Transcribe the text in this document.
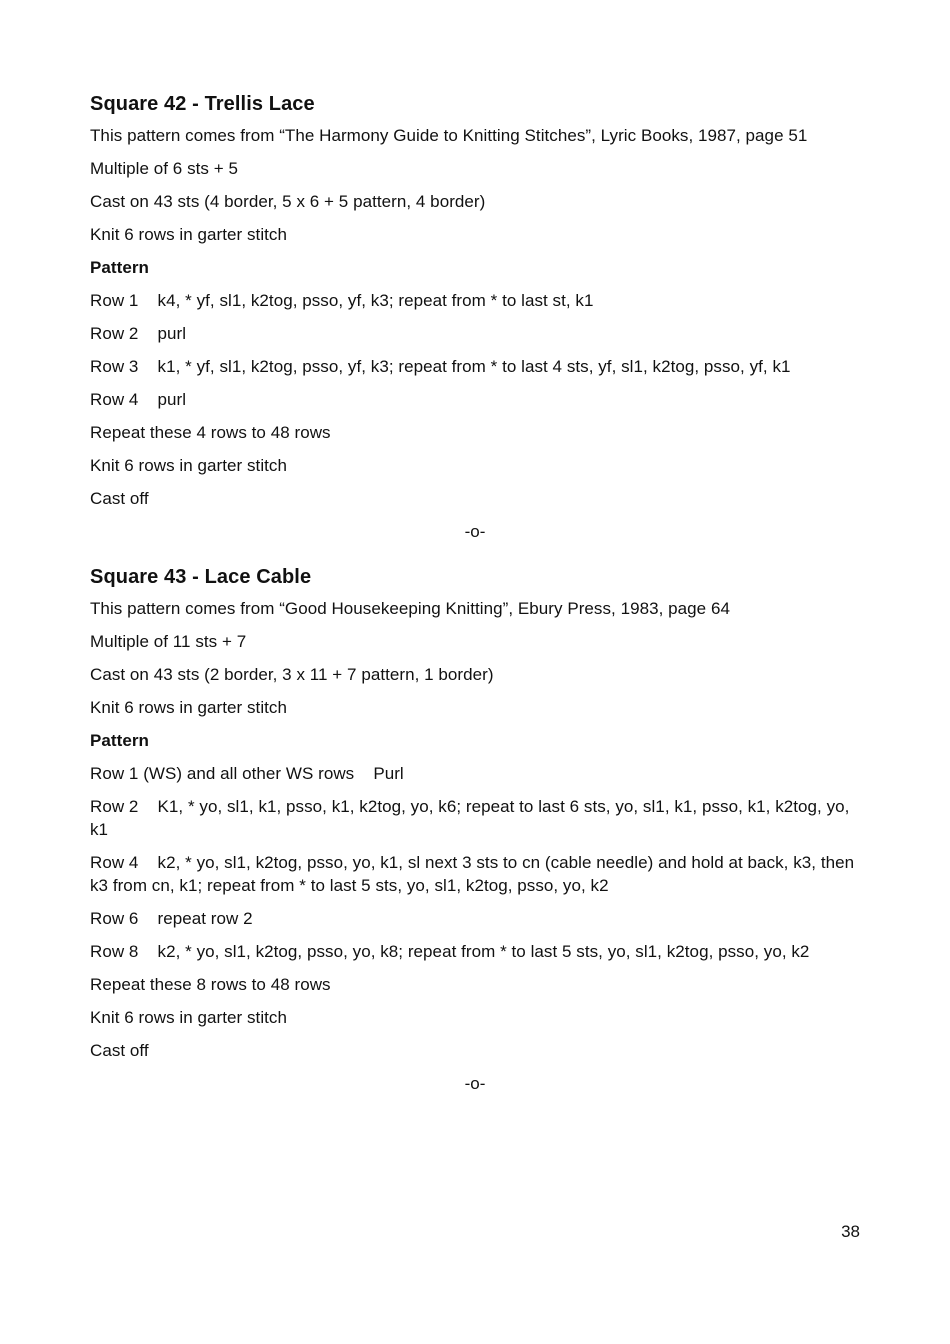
Square 42 - Trellis Lace
This pattern comes from “The Harmony Guide to Knitting Stitches”, Lyric Books, 1987, page 51
Multiple of 6 sts + 5
Cast on 43 sts (4 border, 5 x 6 + 5 pattern, 4 border)
Knit 6 rows in garter stitch
Pattern
Row 1
k4, * yf, sl1, k2tog, psso, yf, k3; repeat from * to last st, k1
Row 2
purl
Row 3
k1, * yf, sl1, k2tog, psso, yf, k3; repeat from * to last 4 sts, yf, sl1, k2tog, psso, yf, k1
Row 4
purl
Repeat these 4 rows to 48 rows
Knit 6 rows in garter stitch
Cast off
-o-
Square 43 - Lace Cable
This pattern comes from “Good Housekeeping Knitting”, Ebury Press, 1983, page 64
Multiple of 11 sts + 7
Cast on 43 sts (2 border, 3 x 11 + 7 pattern, 1 border)
Knit 6 rows in garter stitch
Pattern
Row 1 (WS) and all other WS rows Purl
Row 2 K1, * yo, sl1, k1, psso, k1, k2tog, yo, k6; repeat to last 6 sts, yo, sl1, k1, psso, k1, k2tog, yo, k1
Row 4 k2, * yo, sl1, k2tog, psso, yo, k1, sl next 3 sts to cn (cable needle) and hold at back, k3, then k3 from cn, k1; repeat from * to last 5 sts, yo, sl1, k2tog, psso, yo, k2
Row 6 repeat row 2
Row 8 k2, * yo, sl1, k2tog, psso, yo, k8; repeat from * to last 5 sts, yo, sl1, k2tog, psso, yo, k2
Repeat these 8 rows to 48 rows
Knit 6 rows in garter stitch
Cast off
-o-
38
